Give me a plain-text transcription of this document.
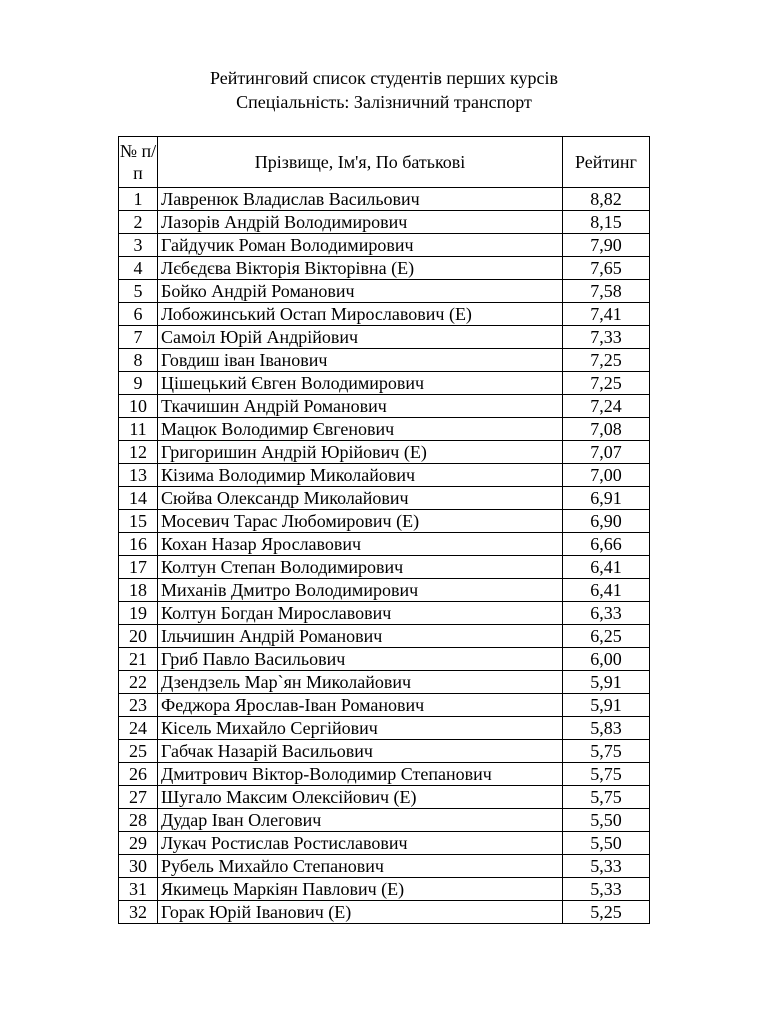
Рейтинговий список студентів перших курсів
Спеціальність: Залізничний транспорт
№ п/п	Прізвище, Ім'я, По батькові	Рейтинг
1	Лавренюк Владислав Васильович	8,82
2	Лазорів Андрій Володимирович	8,15
3	Гайдучик Роман Володимирович	7,90
4	Лєбєдєва Вікторія Вікторівна (Е)	7,65
5	Бойко Андрій Романович	7,58
6	Лобожинський Остап Мирославович (Е)	7,41
7	Самоіл Юрій Андрійович	7,33
8	Говдиш іван Іванович	7,25
9	Цішецький Євген Володимирович	7,25
10	Ткачишин Андрій Романович	7,24
11	Мацюк Володимир Євгенович	7,08
12	Григоришин Андрій Юрійович (Е)	7,07
13	Кізима Володимир Миколайович	7,00
14	Сюйва Олександр Миколайович	6,91
15	Мосевич Тарас Любомирович (Е)	6,90
16	Кохан Назар Ярославович	6,66
17	Колтун Степан Володимирович	6,41
18	Миханів Дмитро Володимирович	6,41
19	Колтун Богдан Мирославович	6,33
20	Ільчишин Андрій Романович	6,25
21	Гриб Павло Васильович	6,00
22	Дзендзель Мар`ян Миколайович	5,91
23	Феджора Ярослав-Іван Романович	5,91
24	Кісель Михайло Сергійович	5,83
25	Габчак Назарій Васильович	5,75
26	Дмитрович Віктор-Володимир Степанович	5,75
27	Шугало Максим Олексійович (Е)	5,75
28	Дудар Іван Олегович	5,50
29	Лукач Ростислав Ростиславович	5,50
30	Рубель Михайло Степанович	5,33
31	Якимець Маркіян Павлович (Е)	5,33
32	Горак Юрій Іванович (Е)	5,25
